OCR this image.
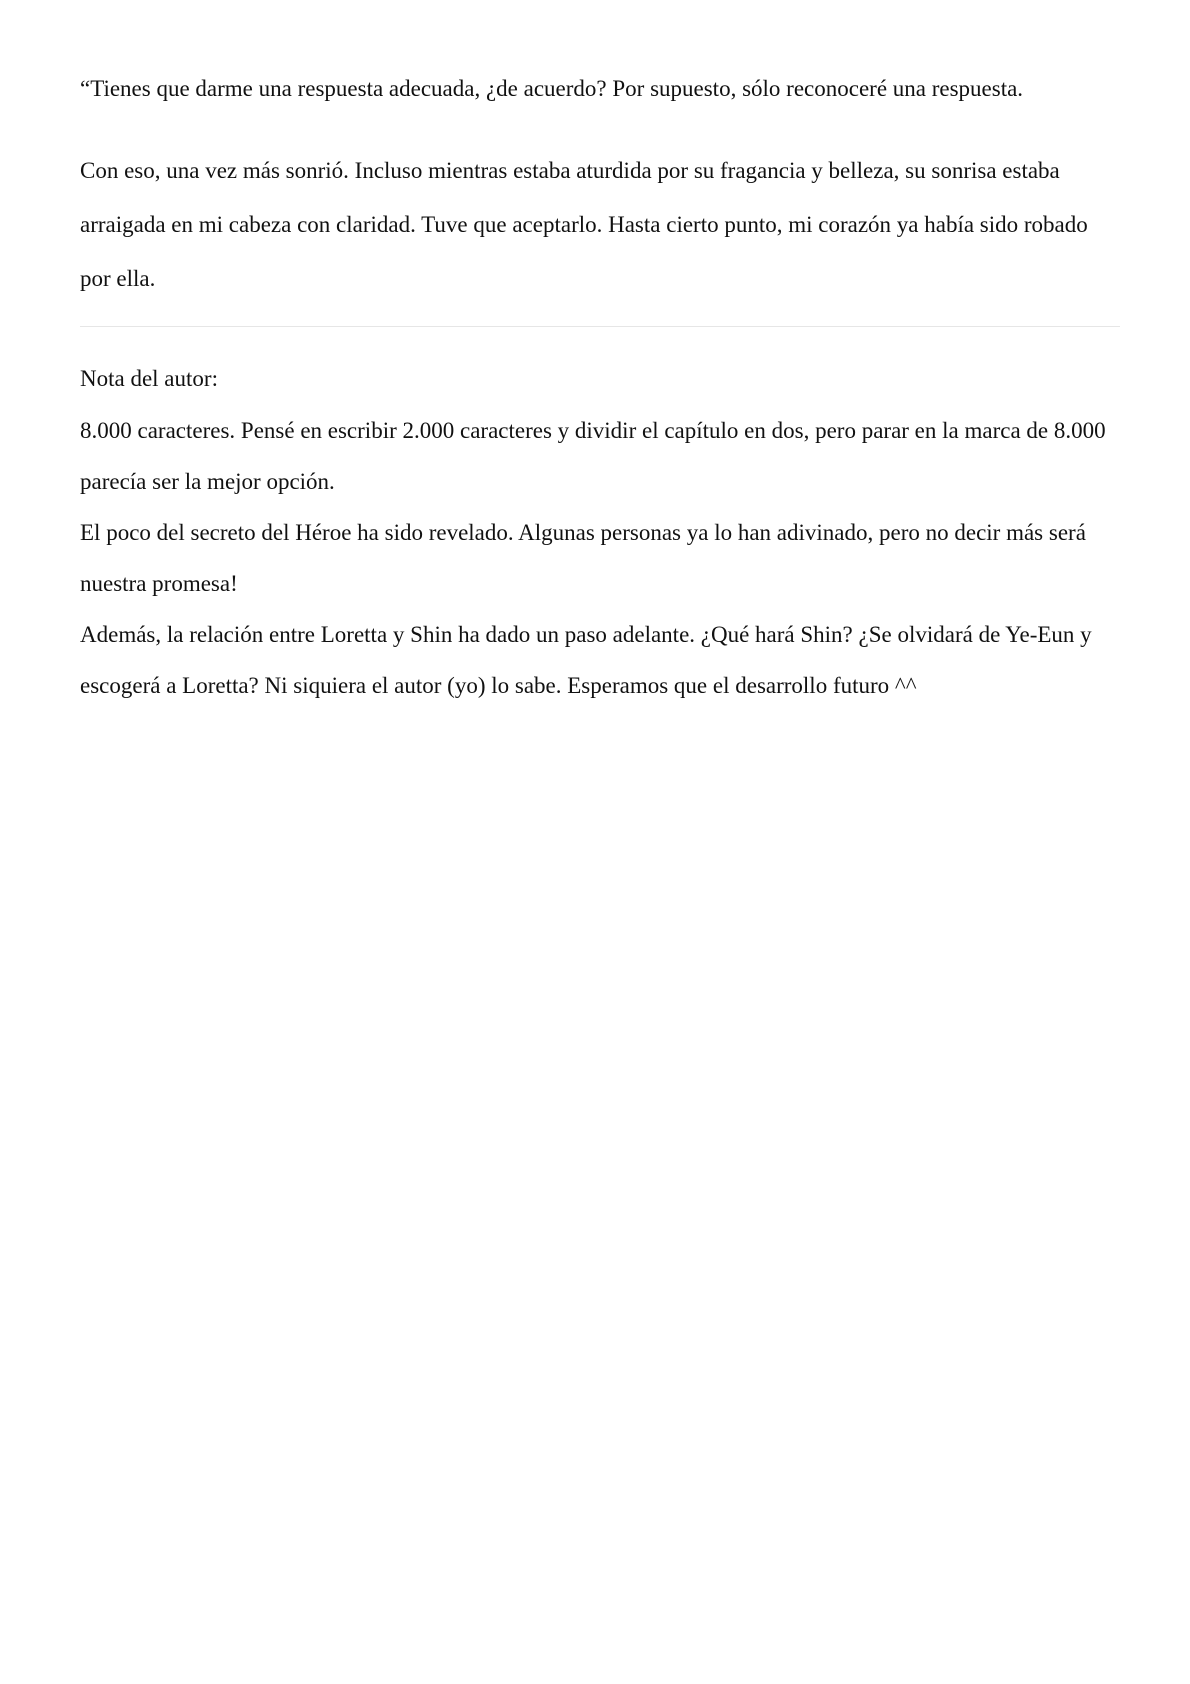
“Tienes que darme una respuesta adecuada, ¿de acuerdo? Por supuesto, sólo reconoceré una respuesta.

Con eso, una vez más sonrió. Incluso mientras estaba aturdida por su fragancia y belleza, su sonrisa estaba arraigada en mi cabeza con claridad. Tuve que aceptarlo. Hasta cierto punto, mi corazón ya había sido robado por ella.

Nota del autor:

8.000 caracteres. Pensé en escribir 2.000 caracteres y dividir el capítulo en dos, pero parar en la marca de 8.000 parecía ser la mejor opción.

El poco del secreto del Héroe ha sido revelado. Algunas personas ya lo han adivinado, pero no decir más será nuestra promesa!

Además, la relación entre Loretta y Shin ha dado un paso adelante. ¿Qué hará Shin? ¿Se olvidará de Ye-Eun y escogerá a Loretta? Ni siquiera el autor (yo) lo sabe. Esperamos que el desarrollo futuro ^^
